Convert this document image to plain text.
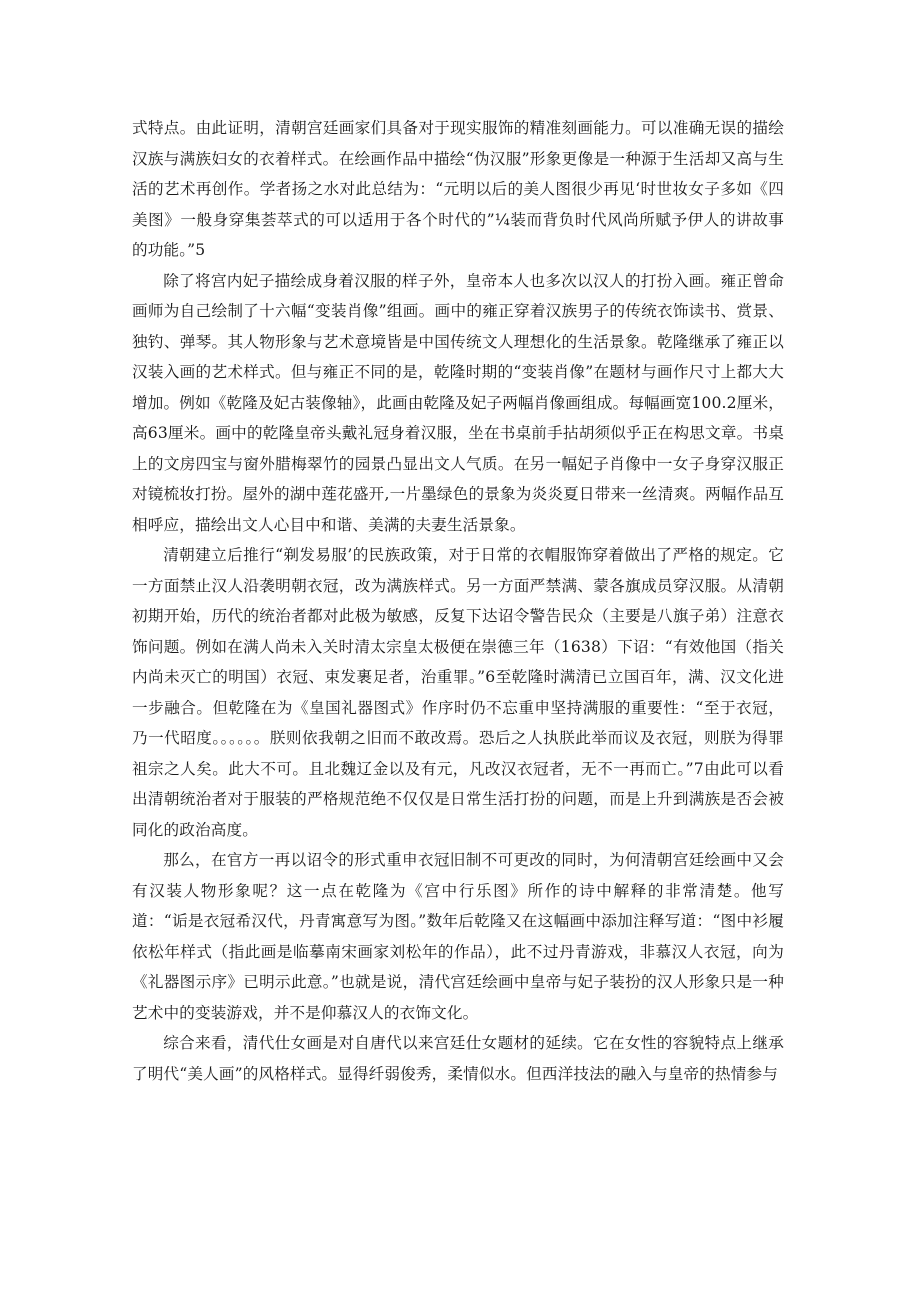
式特点。由此证明，清朝宫廷画家们具备对于现实服饰的精准刻画能力。可以准确无误的描绘汉族与满族妇女的衣着样式。在绘画作品中描绘“伪汉服”形象更像是一种源于生活却又高与生活的艺术再创作。学者扬之水对此总结为：“元明以后的美人图很少再见‘时世妆女子多如《四美图》一般身穿集荟萃式的可以适用于各个时代的”¼装而背负时代风尚所赋予伊人的讲故事的功能。”5

除了将宫内妃子描绘成身着汉服的样子外，皇帝本人也多次以汉人的打扮入画。雍正曾命画师为自己绘制了十六幅“变装肖像”组画。画中的雍正穿着汉族男子的传统衣饰读书、赏景、独钓、弹琴。其人物形象与艺术意境皆是中国传统文人理想化的生活景象。乾隆继承了雍正以汉装入画的艺术样式。但与雍正不同的是，乾隆时期的“变装肖像”在题材与画作尺寸上都大大增加。例如《乾隆及妃古装像轴》，此画由乾隆及妃子两幅肖像画组成。每幅画宽100.2厘米，高63厘米。画中的乾隆皇帝头戴礼冠身着汉服，坐在书桌前手拈胡须似乎正在构思文章。书桌上的文房四宝与窗外腊梅翠竹的园景凸显出文人气质。在另一幅妃子肖像中一女子身穿汉服正对镜梳妆打扮。屋外的湖中莲花盛开,一片墨绿色的景象为炎炎夏日带来一丝清爽。两幅作品互相呼应，描绘出文人心目中和谐、美满的夫妻生活景象。

清朝建立后推行“剃发易服’的民族政策，对于日常的衣帽服饰穿着做出了严格的规定。它一方面禁止汉人沿袭明朝衣冠，改为满族样式。另一方面严禁满、蒙各旗成员穿汉服。从清朝初期开始，历代的统治者都对此极为敏感，反复下达诏令警告民众（主要是八旗子弟）注意衣饰问题。例如在满人尚未入关时清太宗皇太极便在崇德三年（1638）下诏：“有效他国（指关内尚未灭亡的明国）衣冠、束发裹足者，治重罪。”6至乾隆时满清已立国百年，满、汉文化进一步融合。但乾隆在为《皇国礼器图式》作序时仍不忘重申坚持满服的重要性：“至于衣冠，乃一代昭度。。。。。。朕则依我朝之旧而不敢改焉。恐后之人执朕此举而议及衣冠，则朕为得罪祖宗之人矣。此大不可。且北魏辽金以及有元，凡改汉衣冠者，无不一再而亡。”7由此可以看出清朝统治者对于服装的严格规范绝不仅仅是日常生活打扮的问题，而是上升到满族是否会被同化的政治高度。

那么，在官方一再以诏令的形式重申衣冠旧制不可更改的同时，为何清朝宫廷绘画中又会有汉装人物形象呢？这一点在乾隆为《宫中行乐图》所作的诗中解释的非常清楚。他写道：“诟是衣冠希汉代，丹青寓意写为图。”数年后乾隆又在这幅画中添加注释写道：“图中衫履依松年样式（指此画是临摹南宋画家刘松年的作品），此不过丹青游戏，非慕汉人衣冠，向为《礼器图示序》已明示此意。”也就是说，清代宫廷绘画中皇帝与妃子装扮的汉人形象只是一种艺术中的变装游戏，并不是仰慕汉人的衣饰文化。

综合来看，清代仕女画是对自唐代以来宫廷仕女题材的延续。它在女性的容貌特点上继承了明代“美人画”的风格样式。显得纤弱俊秀，柔情似水。但西洋技法的融入与皇帝的热情参与
